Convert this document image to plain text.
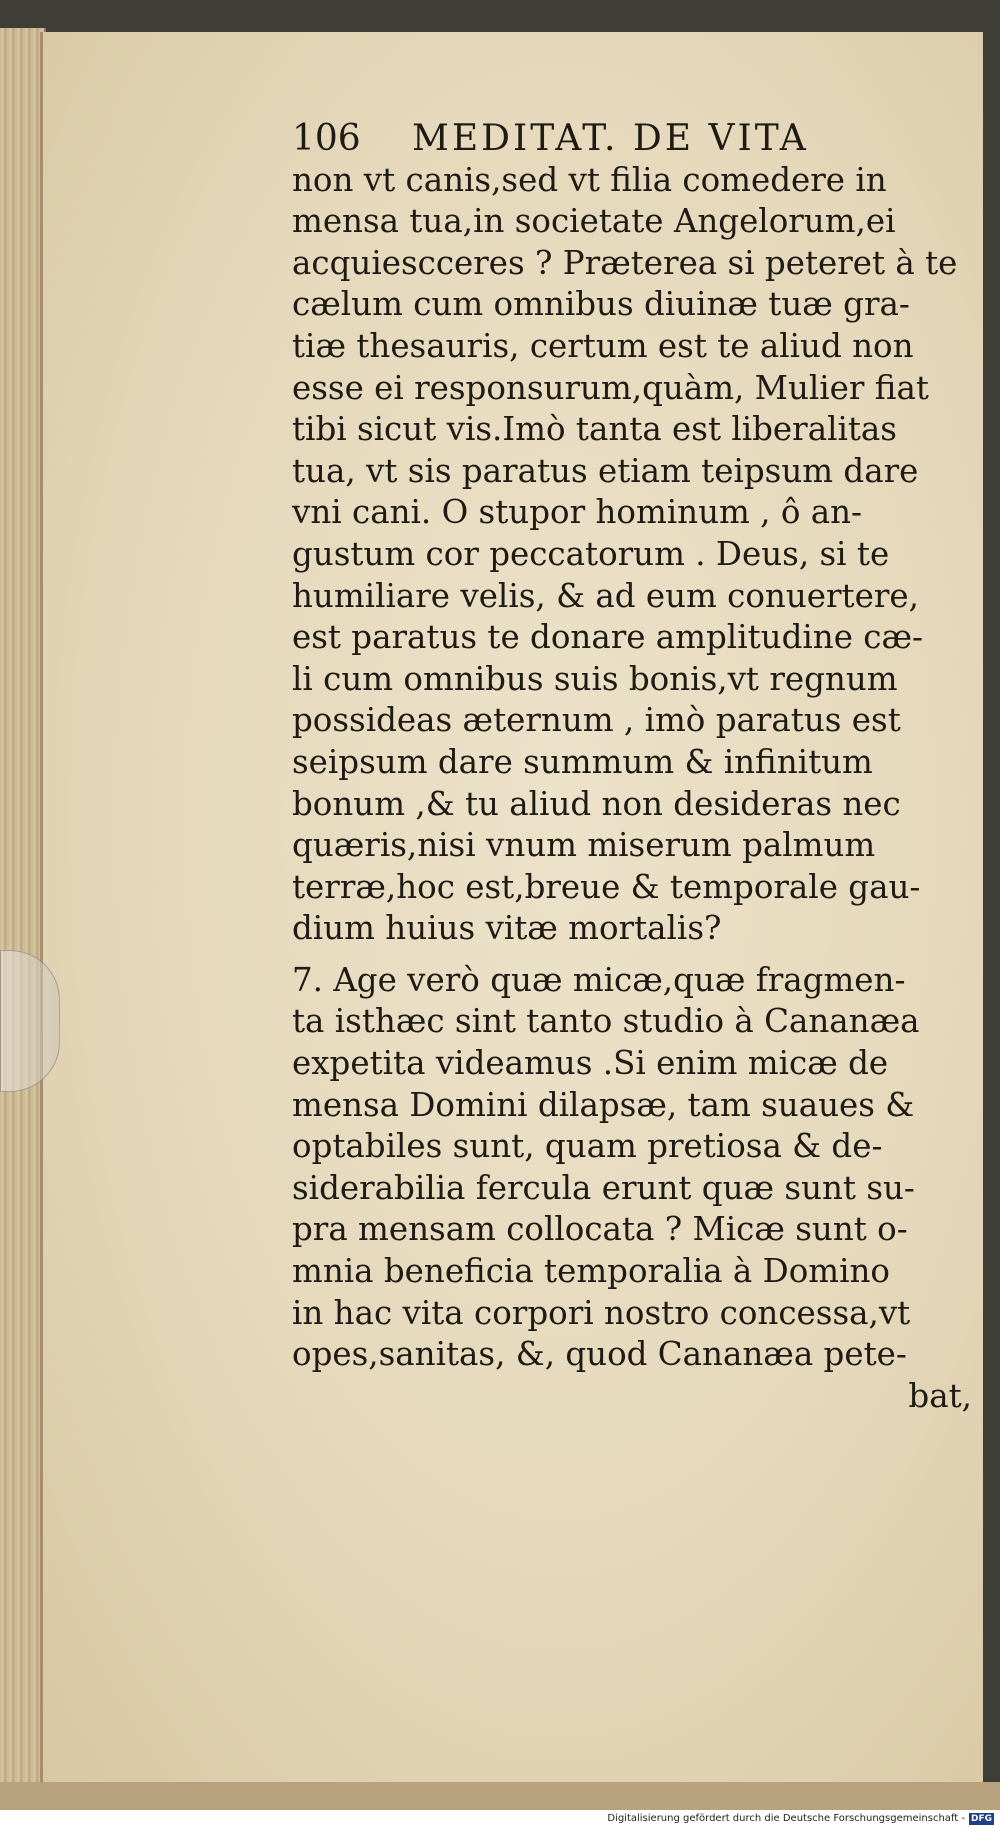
106	MEDITAT. DE VITA
non vt canis,sed vt filia comedere in
mensa tua,in societate Angelorum,ei
acquiescceres ? Præterea si peteret à te
cælum cum omnibus diuinæ tuæ gra-
tiæ thesauris, certum est te aliud non
esse ei responsurum,quàm, Mulier fiat
tibi sicut vis.Imò tanta est liberalitas
tua, vt sis paratus etiam teipsum dare
vni cani. O stupor hominum , ô an-
gustum cor peccatorum . Deus, si te
humiliare velis, & ad eum conuertere,
est paratus te donare amplitudine cæ-
li cum omnibus suis bonis,vt regnum
possideas æternum , imò paratus est
seipsum dare summum & infinitum
bonum ,& tu aliud non desideras nec
quæris,nisi vnum miserum palmum
terræ,hoc est,breue & temporale gau-
dium huius vitæ mortalis?
7. Age verò quæ micæ,quæ fragmen-
ta isthæc sint tanto studio à Cananæa
expetita videamus .Si enim micæ de
mensa Domini dilapsæ, tam suaues &
optabiles sunt, quam pretiosa & de-
siderabilia fercula erunt quæ sunt su-
pra mensam collocata ? Micæ sunt o-
mnia beneficia temporalia à Domino
in hac vita corpori nostro concessa,vt
opes,sanitas, &, quod Cananæa pete-
bat,
Digitalisierung gefördert durch die Deutsche Forschungsgemeinschaft - DFG
